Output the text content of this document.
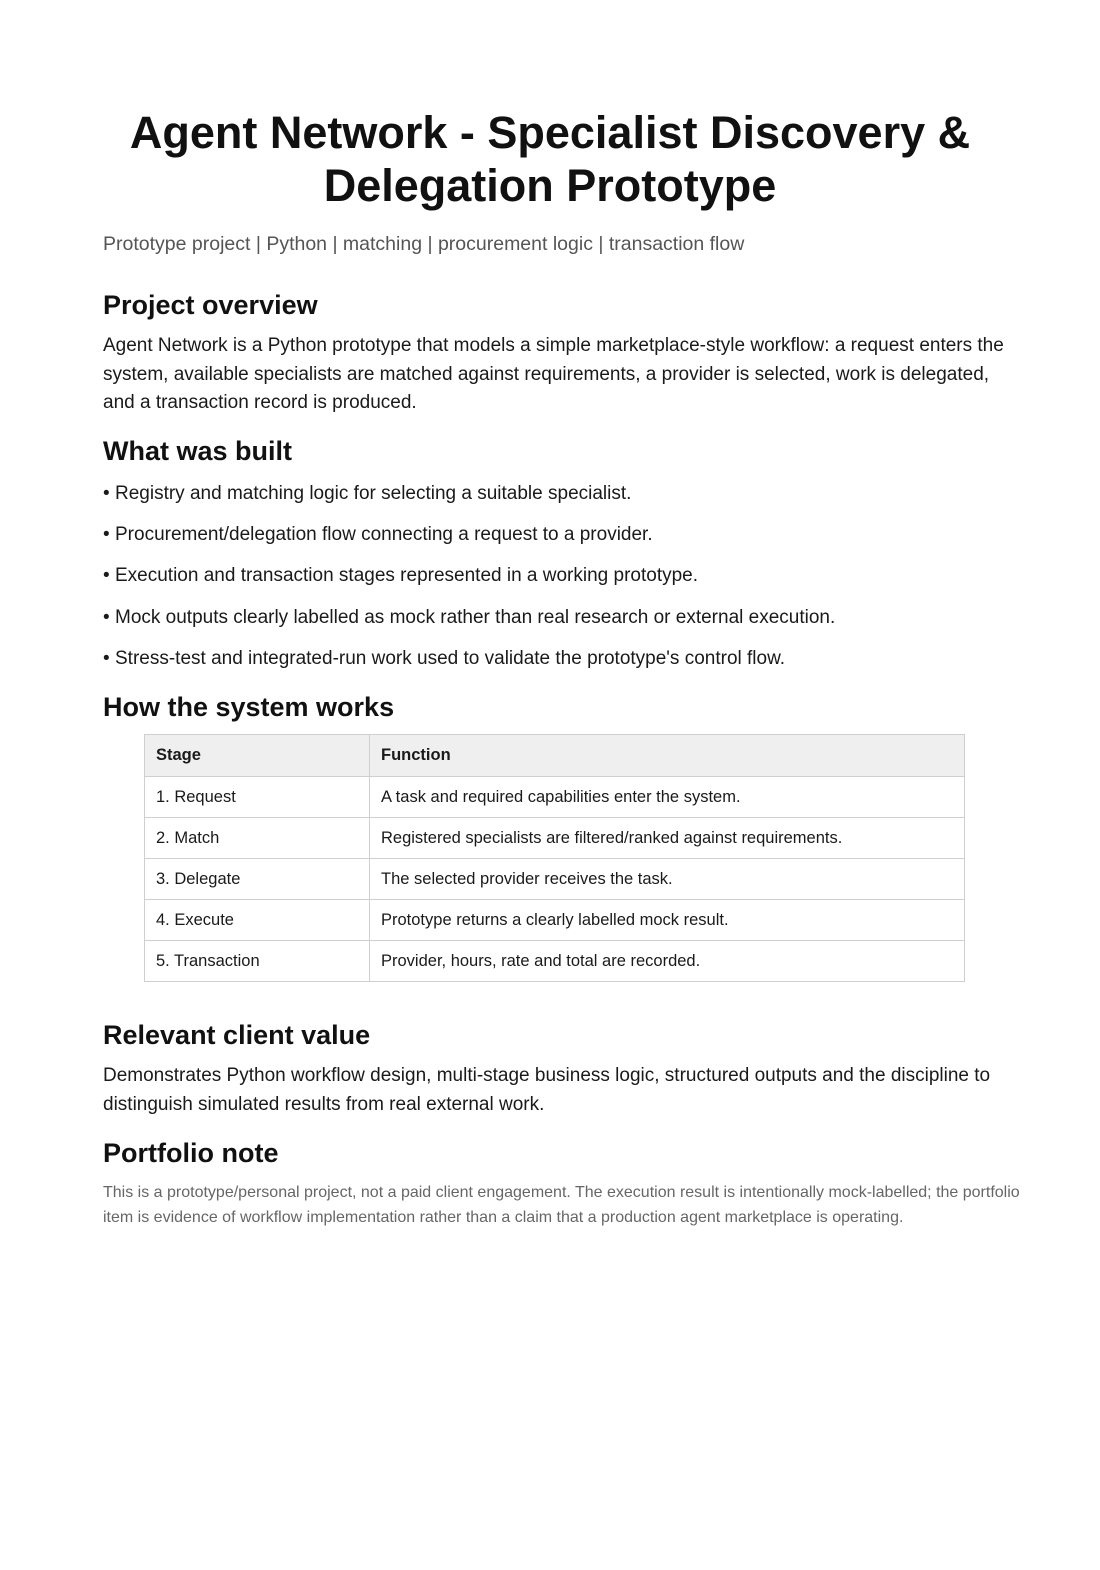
Agent Network - Specialist Discovery & Delegation Prototype

Prototype project | Python | matching | procurement logic | transaction flow

Project overview

Agent Network is a Python prototype that models a simple marketplace-style workflow: a request enters the system, available specialists are matched against requirements, a provider is selected, work is delegated, and a transaction record is produced.

What was built
• Registry and matching logic for selecting a suitable specialist.
• Procurement/delegation flow connecting a request to a provider.
• Execution and transaction stages represented in a working prototype.
• Mock outputs clearly labelled as mock rather than real research or external execution.
• Stress-test and integrated-run work used to validate the prototype's control flow.
How the system works
Stage	Function
1. Request	A task and required capabilities enter the system.
2. Match	Registered specialists are filtered/ranked against requirements.
3. Delegate	The selected provider receives the task.
4. Execute	Prototype returns a clearly labelled mock result.
5. Transaction	Provider, hours, rate and total are recorded.
Relevant client value

Demonstrates Python workflow design, multi-stage business logic, structured outputs and the discipline to distinguish simulated results from real external work.

Portfolio note

This is a prototype/personal project, not a paid client engagement. The execution result is intentionally mock-labelled; the portfolio item is evidence of workflow implementation rather than a claim that a production agent marketplace is operating.
